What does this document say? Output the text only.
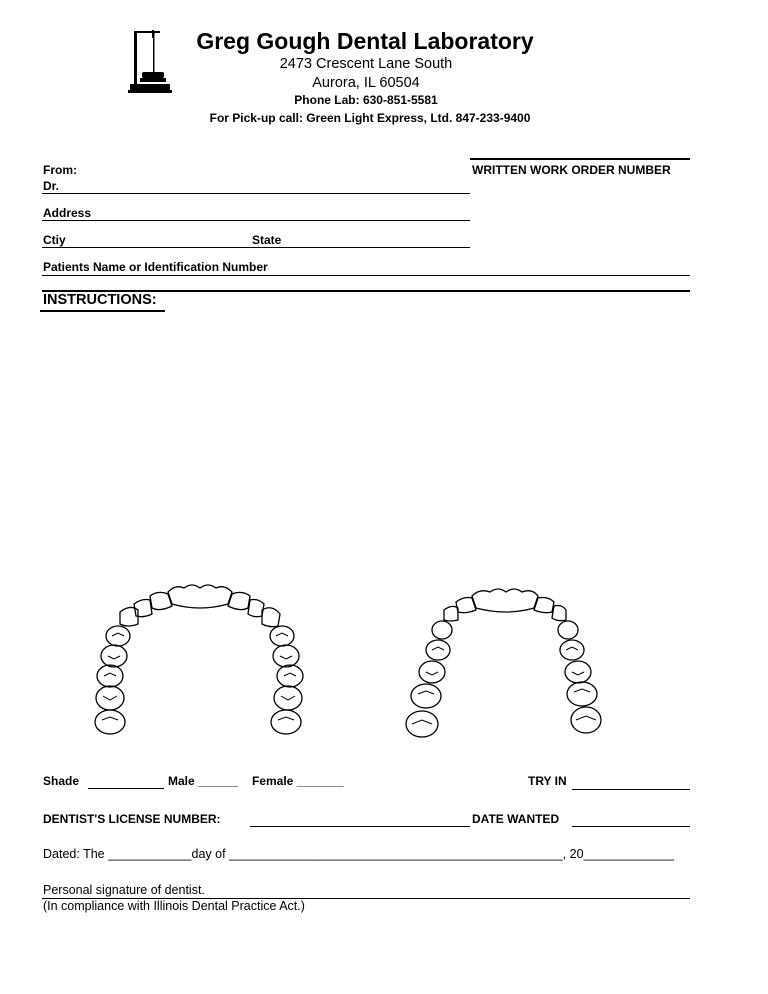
Greg Gough Dental Laboratory
2473 Crescent Lane South
Aurora, IL 60504
Phone Lab: 630-851-5581
For Pick-up call: Green Light Express, Ltd. 847-233-9400
From:
Dr.
Address
Ctiy	State
Patients Name or Identification Number
WRITTEN WORK ORDER NUMBER
INSTRUCTIONS:
Shade	Male ______ Female _______	TRY IN
DENTIST'S LICENSE NUMBER:	DATE WANTED
Dated: The ____________day of ________________________________________________, 20_____________
Personal signature of dentist.
(In compliance with Illinois Dental Practice Act.)
